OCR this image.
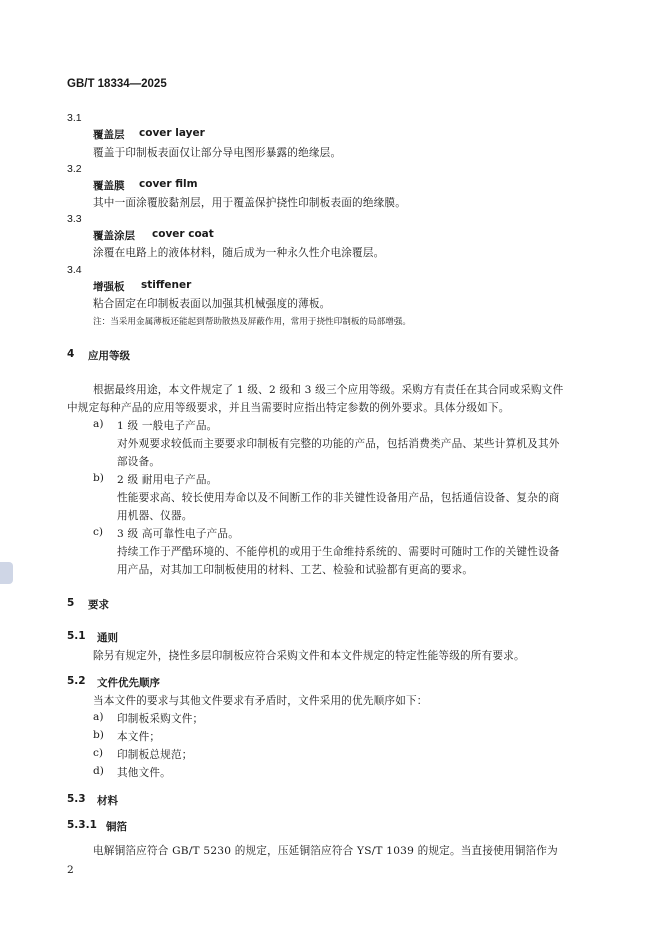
GB/T 18334—2025
3.1
覆盖层 cover layer
覆盖于印制板表面仅让部分导电图形暴露的绝缘层。
3.2
覆盖膜 cover film
其中一面涂覆胶黏剂层，用于覆盖保护挠性印制板表面的绝缘膜。
3.3
覆盖涂层 cover coat
涂覆在电路上的液体材料，随后成为一种永久性介电涂覆层。
3.4
增强板 stiffener
粘合固定在印制板表面以加强其机械强度的薄板。
注：当采用金属薄板还能起到帮助散热及屏蔽作用，常用于挠性印制板的局部增强。
4 应用等级
根据最终用途，本文件规定了 1 级、2 级和 3 级三个应用等级。采购方有责任在其合同或采购文件
中规定每种产品的应用等级要求，并且当需要时应指出特定参数的例外要求。具体分级如下。
a) 1 级 一般电子产品。
对外观要求较低而主要要求印制板有完整的功能的产品，包括消费类产品、某些计算机及其外
部设备。
b) 2 级 耐用电子产品。
性能要求高、较长使用寿命以及不间断工作的非关键性设备用产品，包括通信设备、复杂的商
用机器、仪器。
c) 3 级 高可靠性电子产品。
持续工作于严酷环境的、不能停机的或用于生命维持系统的、需要时可随时工作的关键性设备
用产品，对其加工印制板使用的材料、工艺、检验和试验都有更高的要求。
5 要求
5.1 通则
除另有规定外，挠性多层印制板应符合采购文件和本文件规定的特定性能等级的所有要求。
5.2 文件优先顺序
当本文件的要求与其他文件要求有矛盾时，文件采用的优先顺序如下：
a) 印制板采购文件；
b) 本文件；
c) 印制板总规范；
d) 其他文件。
5.3 材料
5.3.1 铜箔
电解铜箔应符合 GB/T 5230 的规定，压延铜箔应符合 YS/T 1039 的规定。当直接使用铜箔作为
2
